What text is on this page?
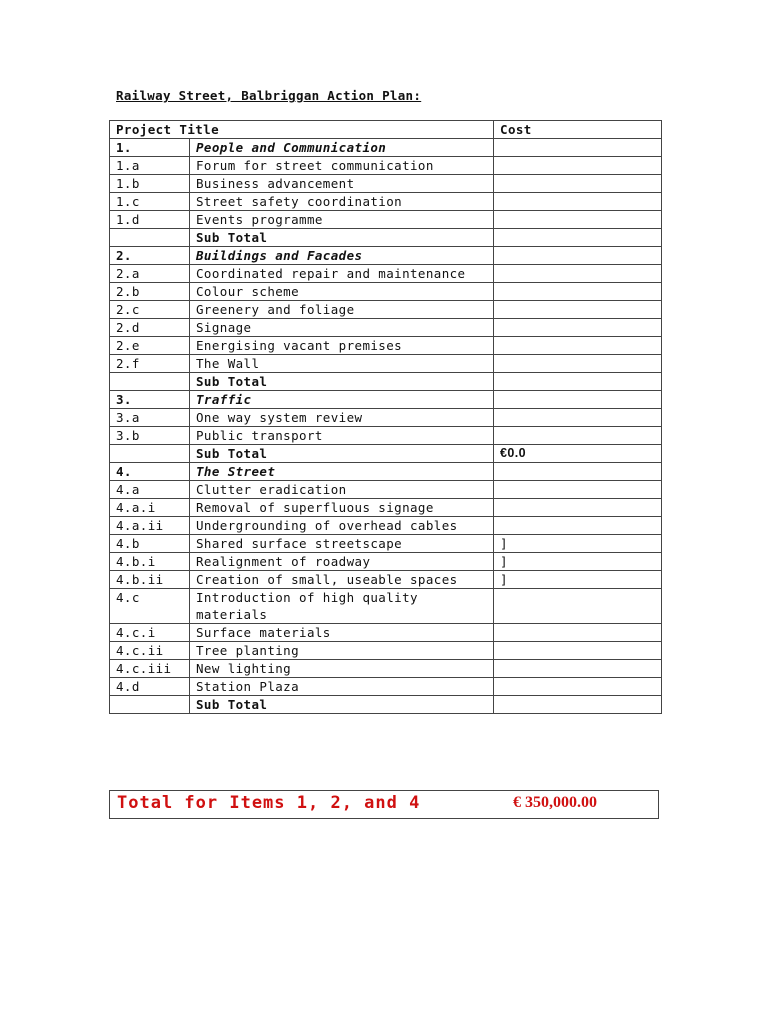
Railway Street, Balbriggan Action Plan:
Project Title		Cost
1.	People and Communication	
1.a	Forum for street communication	
1.b	Business advancement	
1.c	Street safety coordination	
1.d	Events programme	
	Sub Total	
2.	Buildings and Facades	
2.a	Coordinated repair and maintenance	
2.b	Colour scheme	
2.c	Greenery and foliage	
2.d	Signage	
2.e	Energising vacant premises	
2.f	The Wall	
	Sub Total	
3.	Traffic	
3.a	One way system review	
3.b	Public transport	
	Sub Total	€0.0
4.	The Street	
4.a	Clutter eradication	
4.a.i	Removal of superfluous signage	
4.a.ii	Undergrounding of overhead cables	
4.b	Shared surface streetscape	]
4.b.i	Realignment of roadway	]
4.b.ii	Creation of small, useable spaces	]
4.c	Introduction of high quality materials	
4.c.i	Surface materials	
4.c.ii	Tree planting	
4.c.iii	New lighting	
4.d	Station Plaza	
	Sub Total	
Total for Items 1, 2, and 4	€ 350,000.00
